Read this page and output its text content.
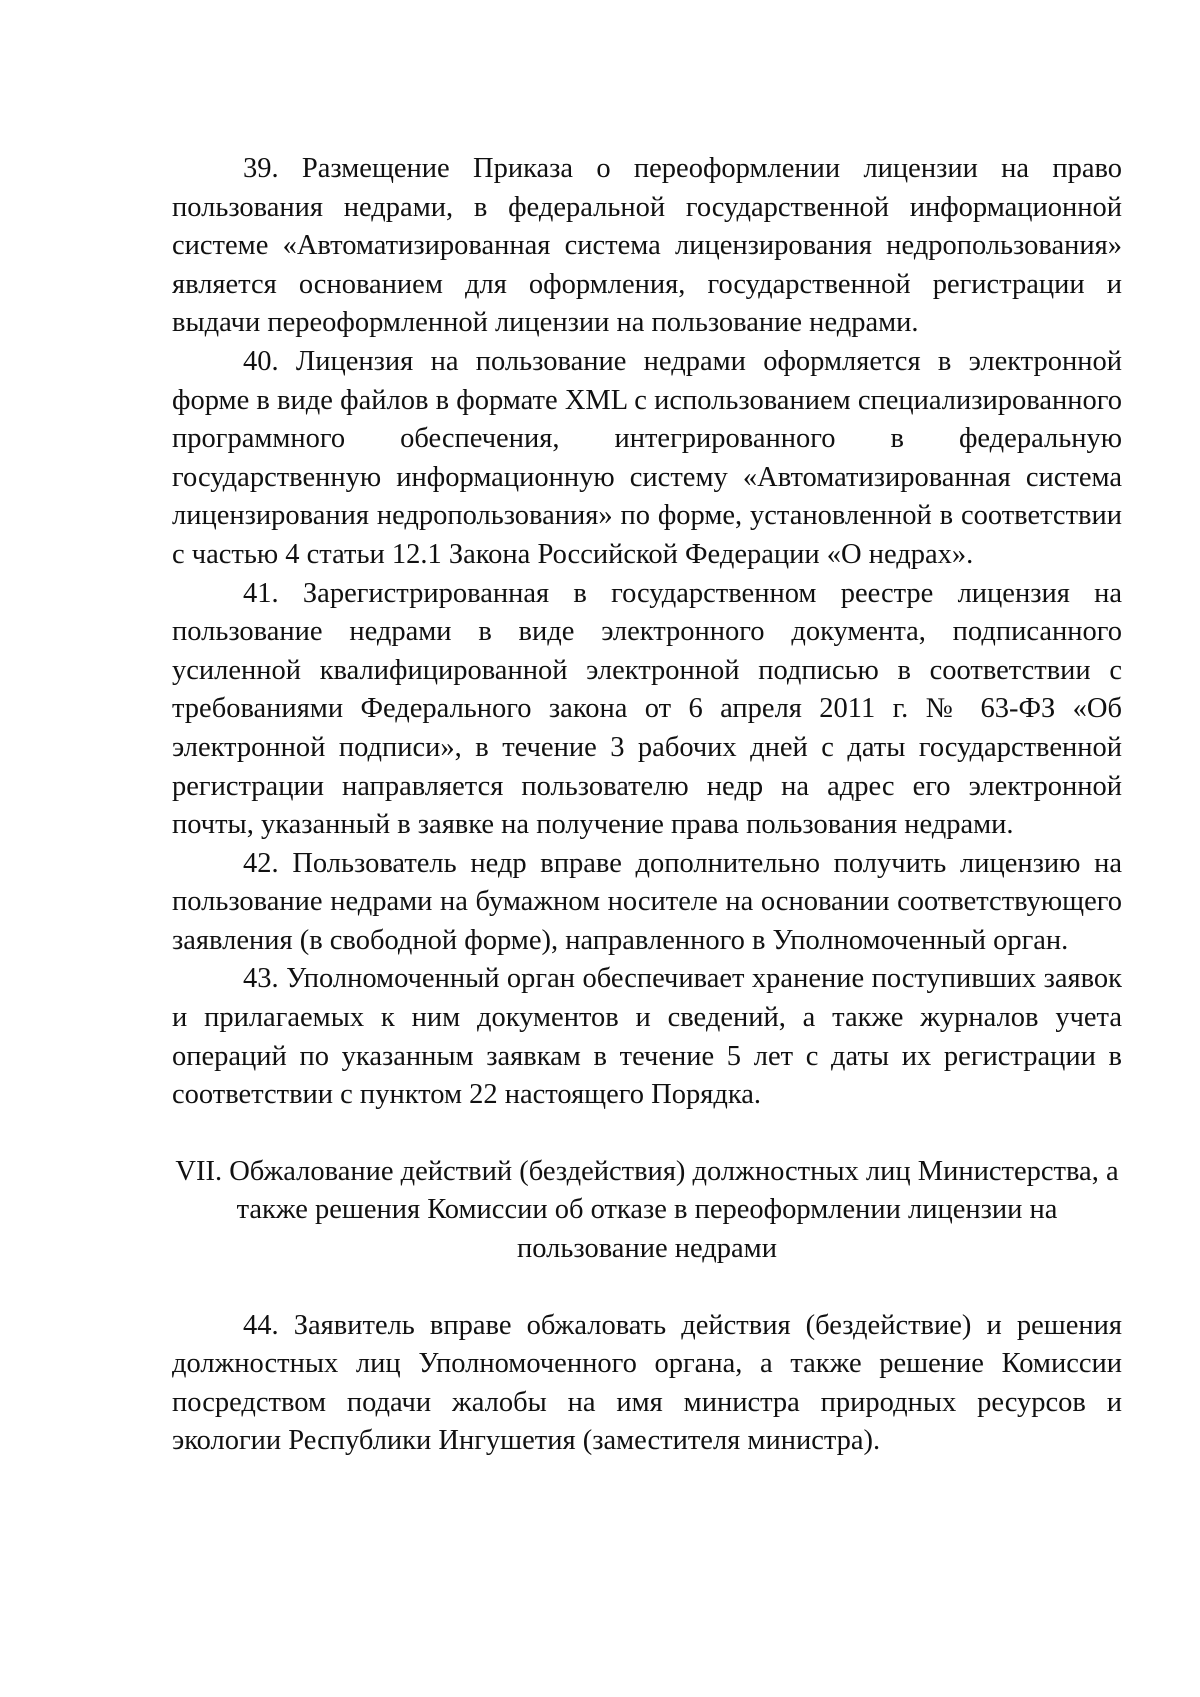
39. Размещение Приказа о переоформлении лицензии на право пользования недрами, в федеральной государственной информационной системе «Автоматизированная система лицензирования недропользования» является основанием для оформления, государственной регистрации и выдачи переоформленной лицензии на пользование недрами.

40. Лицензия на пользование недрами оформляется в электронной форме в виде файлов в формате XML с использованием специализированного программного обеспечения, интегрированного в федеральную государственную информационную систему «Автоматизированная система лицензирования недропользования» по форме, установленной в соответствии с частью 4 статьи 12.1 Закона Российской Федерации «О недрах».

41. Зарегистрированная в государственном реестре лицензия на пользование недрами в виде электронного документа, подписанного усиленной квалифицированной электронной подписью в соответствии с требованиями Федерального закона от 6 апреля 2011 г. № 63-ФЗ «Об электронной подписи», в течение 3 рабочих дней с даты государственной регистрации направляется пользователю недр на адрес его электронной почты, указанный в заявке на получение права пользования недрами.

42. Пользователь недр вправе дополнительно получить лицензию на пользование недрами на бумажном носителе на основании соответствующего заявления (в свободной форме), направленного в Уполномоченный орган.

43. Уполномоченный орган обеспечивает хранение поступивших заявок и прилагаемых к ним документов и сведений, а также журналов учета операций по указанным заявкам в течение 5 лет с даты их регистрации в соответствии с пунктом 22 настоящего Порядка.

VII. Обжалование действий (бездействия) должностных лиц Министерства, а
также решения Комиссии об отказе в переоформлении лицензии на
пользование недрами

44. Заявитель вправе обжаловать действия (бездействие) и решения должностных лиц Уполномоченного органа, а также решение Комиссии посредством подачи жалобы на имя министра природных ресурсов и экологии Республики Ингушетия (заместителя министра).
